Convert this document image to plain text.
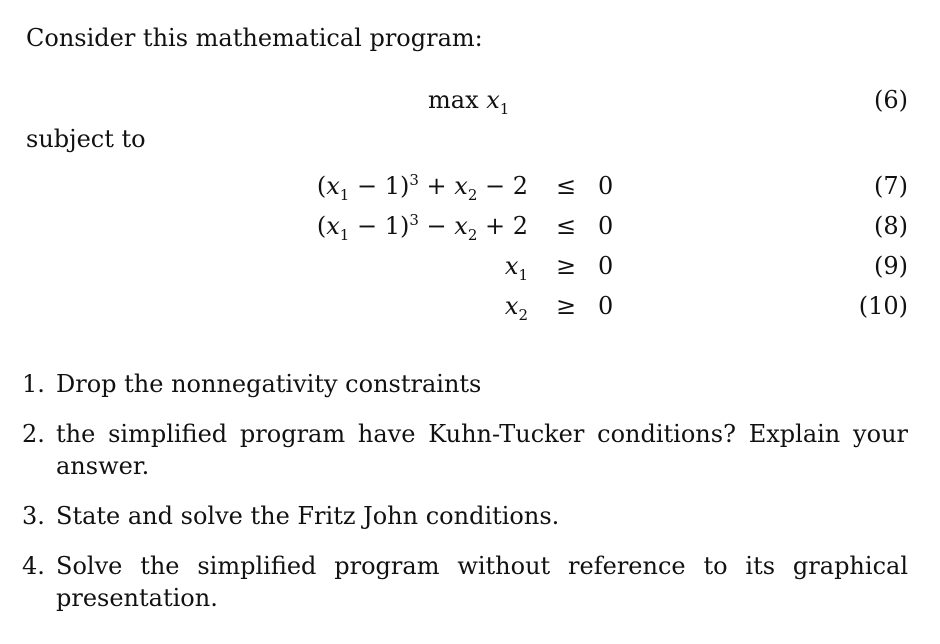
Consider this mathematical program:
$\max x_1$	(6)
subject to
$(x_1 - 1)^3 + x_2 - 2 \le 0$	(7)
$(x_1 - 1)^3 - x_2 + 2 \le 0$	(8)
$x_1 \ge 0$	(9)
$x_2 \ge 0$	(10)
1. Drop the nonnegativity constraints
2. the simplified program have Kuhn-Tucker conditions? Explain your answer.
3. State and solve the Fritz John conditions.
4. Solve the simplified program without reference to its graphical presentation.
